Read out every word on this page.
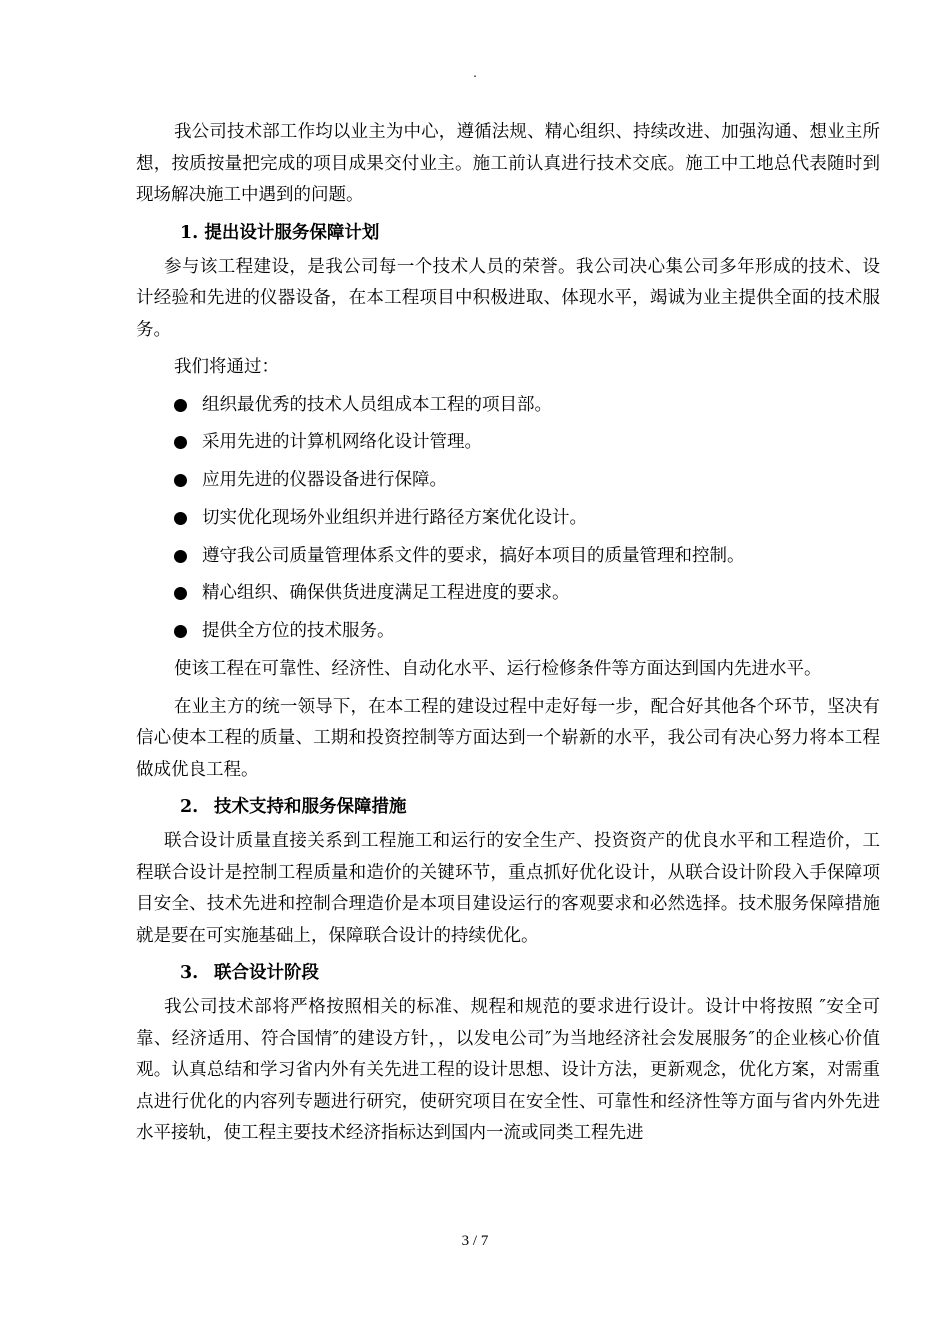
.

我公司技术部工作均以业主为中心，遵循法规、精心组织、持续改进、加强沟通、想业主所想，按质按量把完成的项目成果交付业主。施工前认真进行技术交底。施工中工地总代表随时到现场解决施工中遇到的问题。

1. 提出设计服务保障计划

参与该工程建设，是我公司每一个技术人员的荣誉。我公司决心集公司多年形成的技术、设计经验和先进的仪器设备，在本工程项目中积极进取、体现水平，竭诚为业主提供全面的技术服务。

我们将通过：

组织最优秀的技术人员组成本工程的项目部。
采用先进的计算机网络化设计管理。
应用先进的仪器设备进行保障。
切实优化现场外业组织并进行路径方案优化设计。
遵守我公司质量管理体系文件的要求，搞好本项目的质量管理和控制。
精心组织、确保供货进度满足工程进度的要求。
提供全方位的技术服务。

使该工程在可靠性、经济性、自动化水平、运行检修条件等方面达到国内先进水平。

在业主方的统一领导下，在本工程的建设过程中走好每一步，配合好其他各个环节，坚决有信心使本工程的质量、工期和投资控制等方面达到一个崭新的水平，我公司有决心努力将本工程做成优良工程。

2. 技术支持和服务保障措施

联合设计质量直接关系到工程施工和运行的安全生产、投资资产的优良水平和工程造价，工程联合设计是控制工程质量和造价的关键环节，重点抓好优化设计，从联合设计阶段入手保障项目安全、技术先进和控制合理造价是本项目建设运行的客观要求和必然选择。技术服务保障措施就是要在可实施基础上，保障联合设计的持续优化。

3. 联合设计阶段

我公司技术部将严格按照相关的标准、规程和规范的要求进行设计。设计中将按照 ″安全可靠、经济适用、符合国情″的建设方针，，以发电公司″为当地经济社会发展服务″的企业核心价值观。认真总结和学习省内外有关先进工程的设计思想、设计方法，更新观念，优化方案，对需重点进行优化的内容列专题进行研究，使研究项目在安全性、可靠性和经济性等方面与省内外先进水平接轨，使工程主要技术经济指标达到国内一流或同类工程先进

3 / 7
